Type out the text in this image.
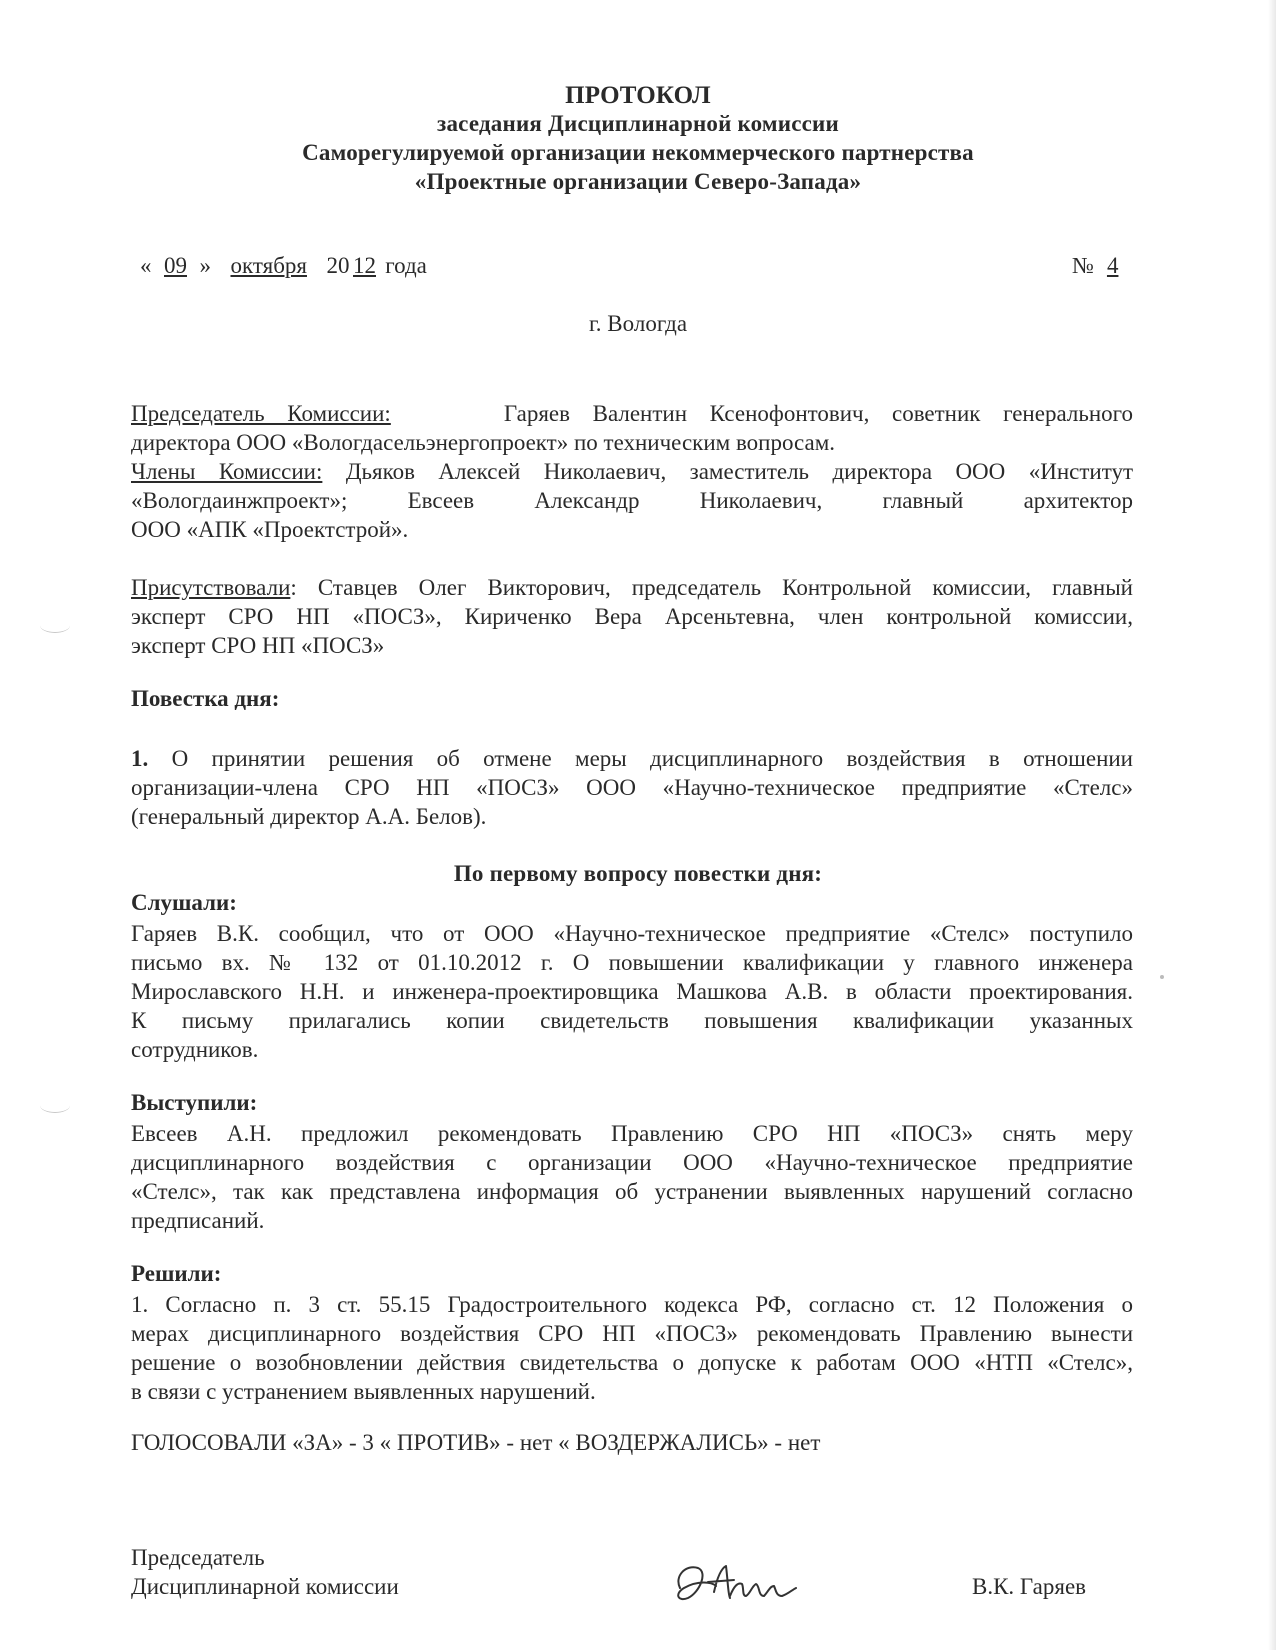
ПРОТОКОЛ
заседания Дисциплинарной комиссии
Саморегулируемой организации некоммерческого партнерства
«Проектные организации Северо-Запада»
« 09 » октября 20 12 года	№ 4
г. Вологда
Председатель Комиссии:	Гаряев Валентин Ксенофонтович, советник генерального
директора ООО «Вологдасельэнергопроект» по техническим вопросам.
Члены Комиссии: Дьяков Алексей Николаевич, заместитель директора ООО «Институт
«Вологдаинжпроект»; Евсеев Александр Николаевич, главный архитектор
ООО «АПК «Проектстрой».
Присутствовали: Ставцев Олег Викторович, председатель Контрольной комиссии, главный
эксперт СРО НП «ПОСЗ», Кириченко Вера Арсеньтевна, член контрольной комиссии,
эксперт СРО НП «ПОСЗ»
Повестка дня:
1. О принятии решения об отмене меры дисциплинарного воздействия в отношении
организации-члена СРО НП «ПОСЗ» ООО «Научно-техническое предприятие «Стелс»
(генеральный директор А.А. Белов).
По первому вопросу повестки дня:
Слушали:
Гаряев В.К. сообщил, что от ООО «Научно-техническое предприятие «Стелс» поступило
письмо вх. № 132 от 01.10.2012 г. О повышении квалификации у главного инженера
Мирославского Н.Н. и инженера-проектировщика Машкова А.В. в области проектирования.
К письму прилагались копии свидетельств повышения квалификации указанных
сотрудников.
Выступили:
Евсеев А.Н. предложил рекомендовать Правлению СРО НП «ПОСЗ» снять меру
дисциплинарного воздействия с организации ООО «Научно-техническое предприятие
«Стелс», так как представлена информация об устранении выявленных нарушений согласно
предписаний.
Решили:
1. Согласно п. 3 ст. 55.15 Градостроительного кодекса РФ, согласно ст. 12 Положения о
мерах дисциплинарного воздействия СРО НП «ПОСЗ» рекомендовать Правлению вынести
решение о возобновлении действия свидетельства о допуске к работам ООО «НТП «Стелс»,
в связи с устранением выявленных нарушений.
ГОЛОСОВАЛИ «ЗА» - 3 « ПРОТИВ» - нет « ВОЗДЕРЖАЛИСЬ» - нет
Председатель
Дисциплинарной комиссии	В.К. Гаряев
